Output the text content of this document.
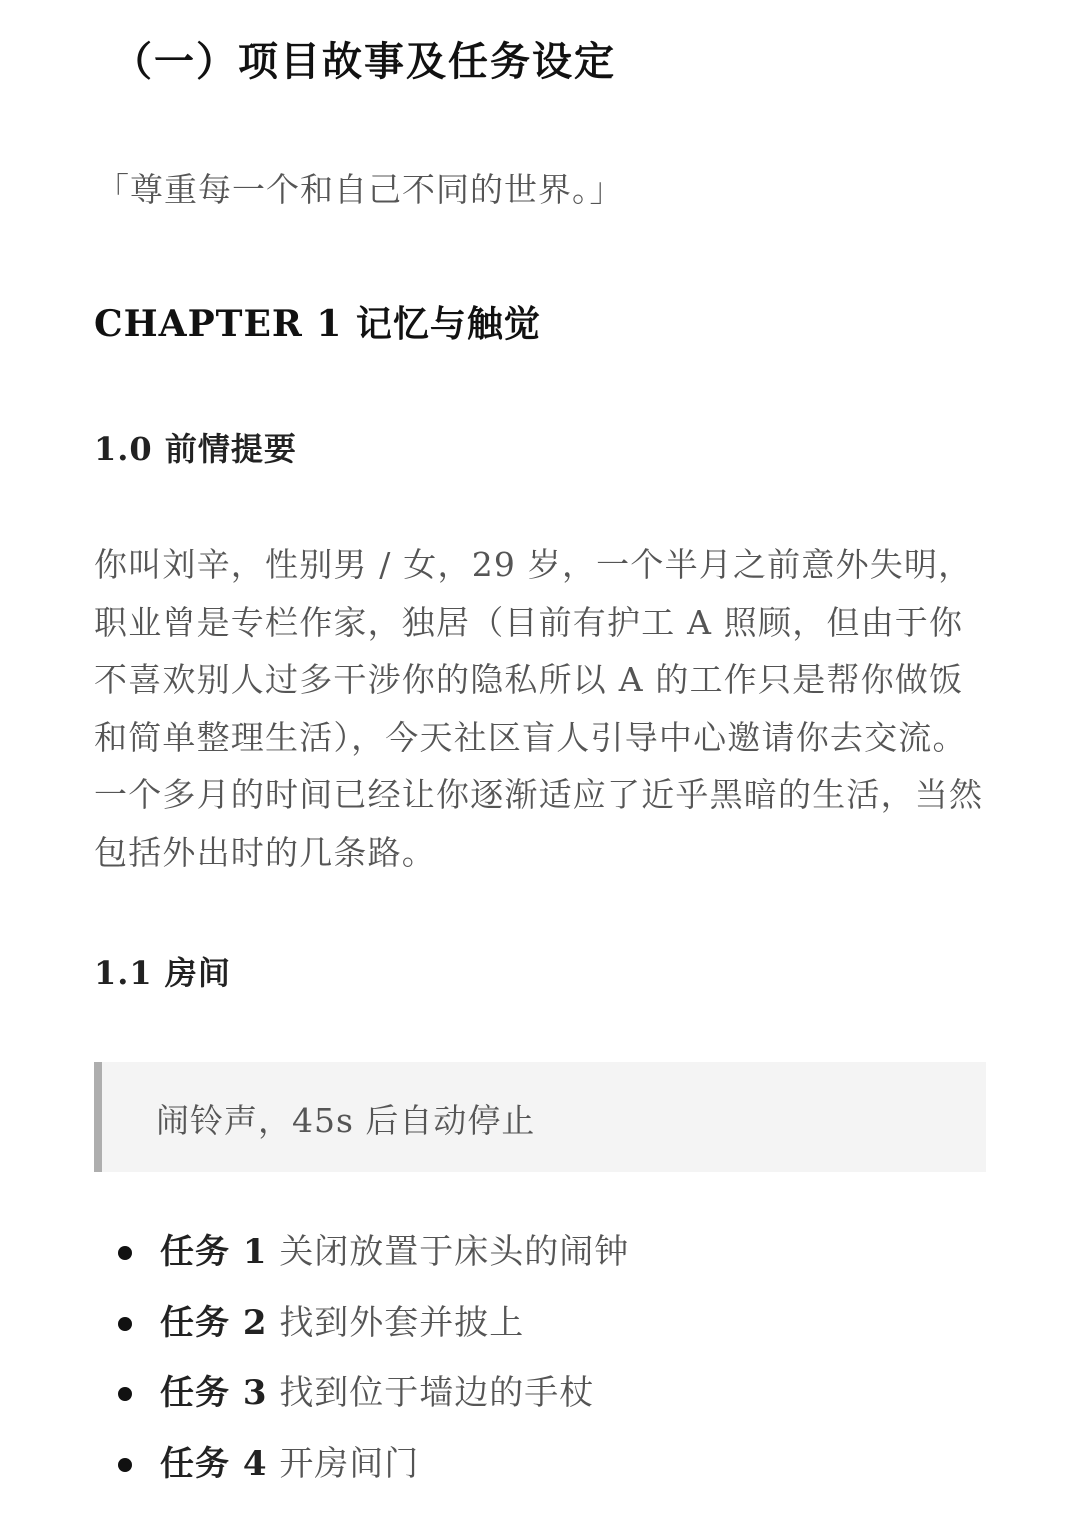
（一）项目故事及任务设定
「尊重每一个和自己不同的世界。」
CHAPTER 1 记忆与触觉
1.0 前情提要

你叫刘辛，性别男 / 女，29 岁，一个半月之前意外失明，职业曾是专栏作家，独居（目前有护工 A 照顾，但由于你不喜欢别人过多干涉你的隐私所以 A 的工作只是帮你做饭和简单整理生活），今天社区盲人引导中心邀请你去交流。一个多月的时间已经让你逐渐适应了近乎黑暗的生活，当然包括外出时的几条路。

1.1 房间
闹铃声，45s 后自动停止
任务 1 关闭放置于床头的闹钟
任务 2 找到外套并披上
任务 3 找到位于墙边的手杖
任务 4 开房间门
